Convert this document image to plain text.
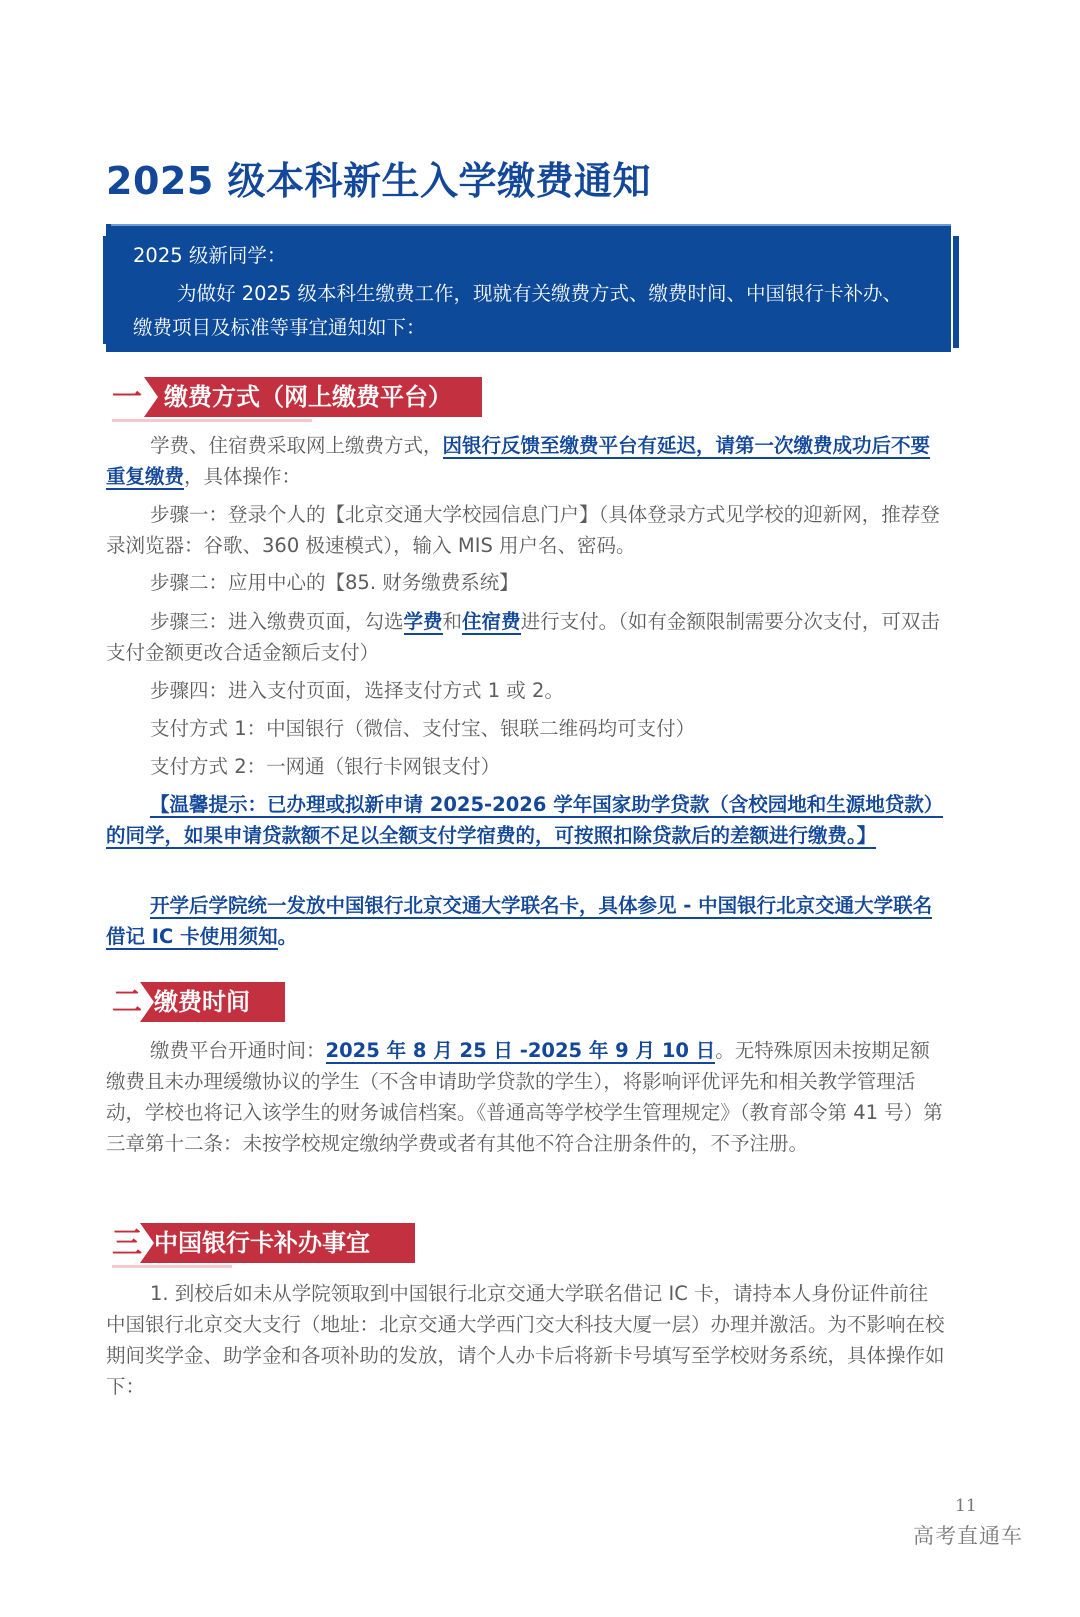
2025 级本科新生入学缴费通知
2025 级新同学：
为做好 2025 级本科生缴费工作，现就有关缴费方式、缴费时间、中国银行卡补办、
缴费项目及标准等事宜通知如下：
一 缴费方式（网上缴费平台）
学费、住宿费采取网上缴费方式，因银行反馈至缴费平台有延迟，请第一次缴费成功后不要重复缴费，具体操作：
步骤一：登录个人的【北京交通大学校园信息门户】（具体登录方式见学校的迎新网，推荐登录浏览器：谷歌、360 极速模式），输入 MIS 用户名、密码。
步骤二：应用中心的【85. 财务缴费系统】
步骤三：进入缴费页面，勾选学费和住宿费进行支付。（如有金额限制需要分次支付，可双击支付金额更改合适金额后支付）
步骤四：进入支付页面，选择支付方式 1 或 2。
支付方式 1：中国银行（微信、支付宝、银联二维码均可支付）
支付方式 2：一网通（银行卡网银支付）
【温馨提示：已办理或拟新申请 2025-2026 学年国家助学贷款（含校园地和生源地贷款）的同学，如果申请贷款额不足以全额支付学宿费的，可按照扣除贷款后的差额进行缴费。】
开学后学院统一发放中国银行北京交通大学联名卡，具体参见 - 中国银行北京交通大学联名借记 IC 卡使用须知。
二 缴费时间
缴费平台开通时间：2025 年 8 月 25 日 -2025 年 9 月 10 日。无特殊原因未按期足额缴费且未办理缓缴协议的学生（不含申请助学贷款的学生），将影响评优评先和相关教学管理活动，学校也将记入该学生的财务诚信档案。《普通高等学校学生管理规定》（教育部令第 41 号）第三章第十二条：未按学校规定缴纳学费或者有其他不符合注册条件的，不予注册。
三 中国银行卡补办事宜
1. 到校后如未从学院领取到中国银行北京交通大学联名借记 IC 卡，请持本人身份证件前往中国银行北京交大支行（地址：北京交通大学西门交大科技大厦一层）办理并激活。为不影响在校期间奖学金、助学金和各项补助的发放，请个人办卡后将新卡号填写至学校财务系统，具体操作如下：
11
高考直通车
